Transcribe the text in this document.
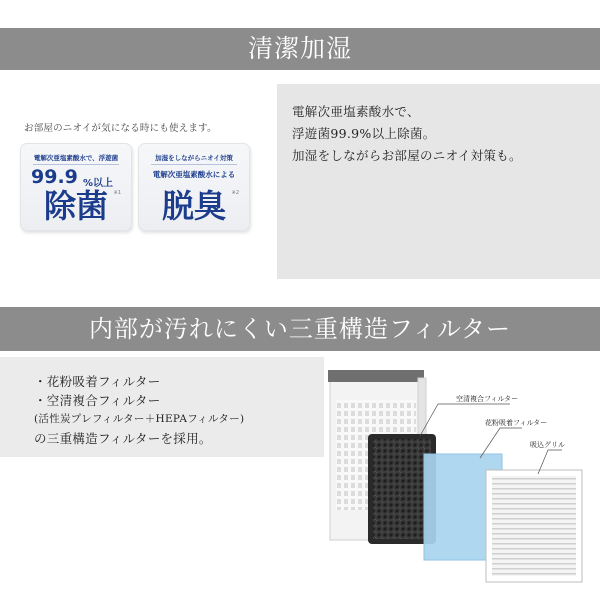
清潔加湿
お部屋のニオイが気になる時にも使えます。
電解次亜塩素酸水で、浮遊菌
99.9 %以上
除菌	※1
加湿をしながらニオイ対策
電解次亜塩素酸水による
脱臭	※2
電解次亜塩素酸水で、
浮遊菌99.9%以上除菌。
加湿をしながらお部屋のニオイ対策も。
内部が汚れにくい三重構造フィルター
・花粉吸着フィルター
・空清複合フィルター
(活性炭プレフィルター＋HEPAフィルター)
の三重構造フィルターを採用。
空清複合フィルター
花粉吸着フィルター
吸込グリル
